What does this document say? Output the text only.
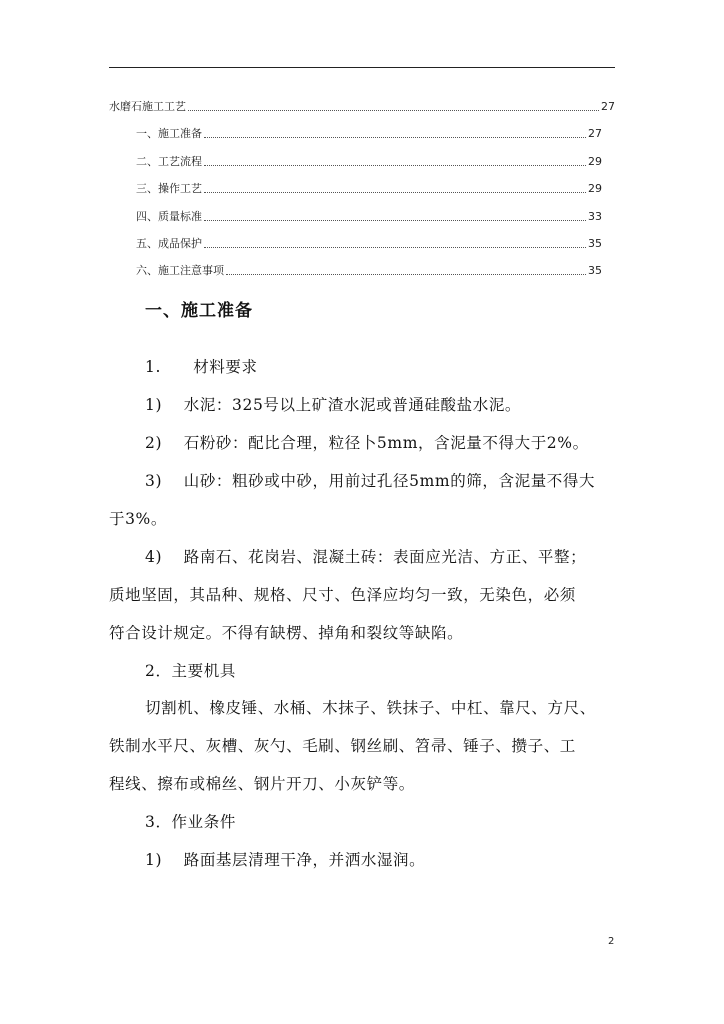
水磨石施工工艺	27
一、施工准备	27
二、工艺流程	29
三、操作工艺	29
四、质量标准	33
五、成品保护	35
六、施工注意事项	35
一、施工准备
1.　　材料要求
1)　 水泥：325号以上矿渣水泥或普通硅酸盐水泥。
2)　 石粉砂：配比合理，粒径卜5mm，含泥量不得大于2%。
3)　 山砂：粗砂或中砂，用前过孔径5mm的筛，含泥量不得大
于3%。
4)　 路南石、花岗岩、混凝土砖：表面应光洁、方正、平整；
质地坚固，其品种、规格、尺寸、色泽应均匀一致，无染色，必须
符合设计规定。不得有缺楞、掉角和裂纹等缺陷。
2．主要机具
切割机、橡皮锤、水桶、木抹子、铁抹子、中杠、靠尺、方尺、
铁制水平尺、灰槽、灰勺、毛刷、钢丝刷、笤帚、锤子、攒子、工
程线、擦布或棉丝、钢片开刀、小灰铲等。
3．作业条件
1)　 路面基层清理干净，并洒水湿润。
2
